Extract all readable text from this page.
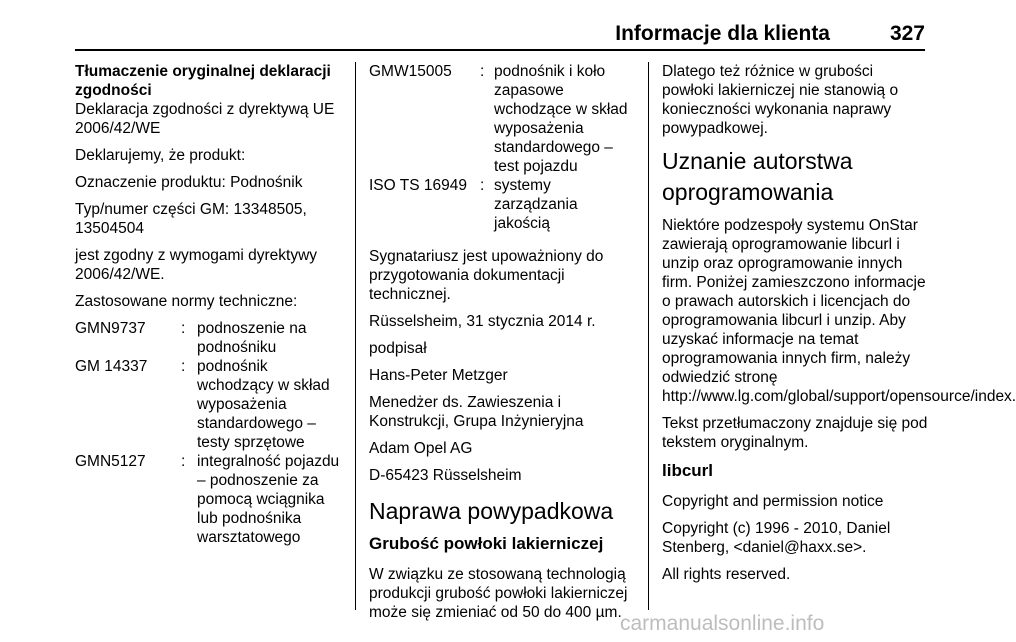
Informacje dla klienta	327

Tłumaczenie oryginalnej deklaracji zgodności

Deklaracja zgodności z dyrektywą UE 2006/42/WE

Deklarujemy, że produkt:

Oznaczenie produktu: Podnośnik

Typ/numer części GM: 13348505, 13504504

jest zgodny z wymogami dyrektywy 2006/42/WE.

Zastosowane normy techniczne:

GMN9737	: podnoszenie na podnośniku
GM 14337	: podnośnik wchodzący w skład wyposażenia standardowego – testy sprzętowe
GMN5127	: integralność pojazdu – podnoszenie za pomocą wciągnika lub podnośnika warsztatowego
GMW15005	: podnośnik i koło zapasowe wchodzące w skład wyposażenia standardowego – test pojazdu
ISO TS 16949 : systemy zarządzania jakością

Sygnatariusz jest upoważniony do przygotowania dokumentacji technicznej.

Rüsselsheim, 31 stycznia 2014 r.

podpisał

Hans-Peter Metzger

Menedżer ds. Zawieszenia i Konstrukcji, Grupa Inżynieryjna

Adam Opel AG

D-65423 Rüsselsheim

Naprawa powypadkowa
Grubość powłoki lakierniczej

W związku ze stosowaną technologią produkcji grubość powłoki lakierniczej może się zmieniać od 50 do 400 µm.

Dlatego też różnice w grubości powłoki lakierniczej nie stanowią o konieczności wykonania naprawy powypadkowej.

Uznanie autorstwa oprogramowania

Niektóre podzespoły systemu OnStar zawierają oprogramowanie libcurl i unzip oraz oprogramowanie innych firm. Poniżej zamieszczono informacje o prawach autorskich i licencjach do oprogramowania libcurl i unzip. Aby uzyskać informacje na temat oprogramowania innych firm, należy odwiedzić stronę http://www.lg.com/global/support/opensource/index.

Tekst przetłumaczony znajduje się pod tekstem oryginalnym.

libcurl

Copyright and permission notice

Copyright (c) 1996 - 2010, Daniel Stenberg, <daniel@haxx.se>.

All rights reserved.

carmanualsonline.info
